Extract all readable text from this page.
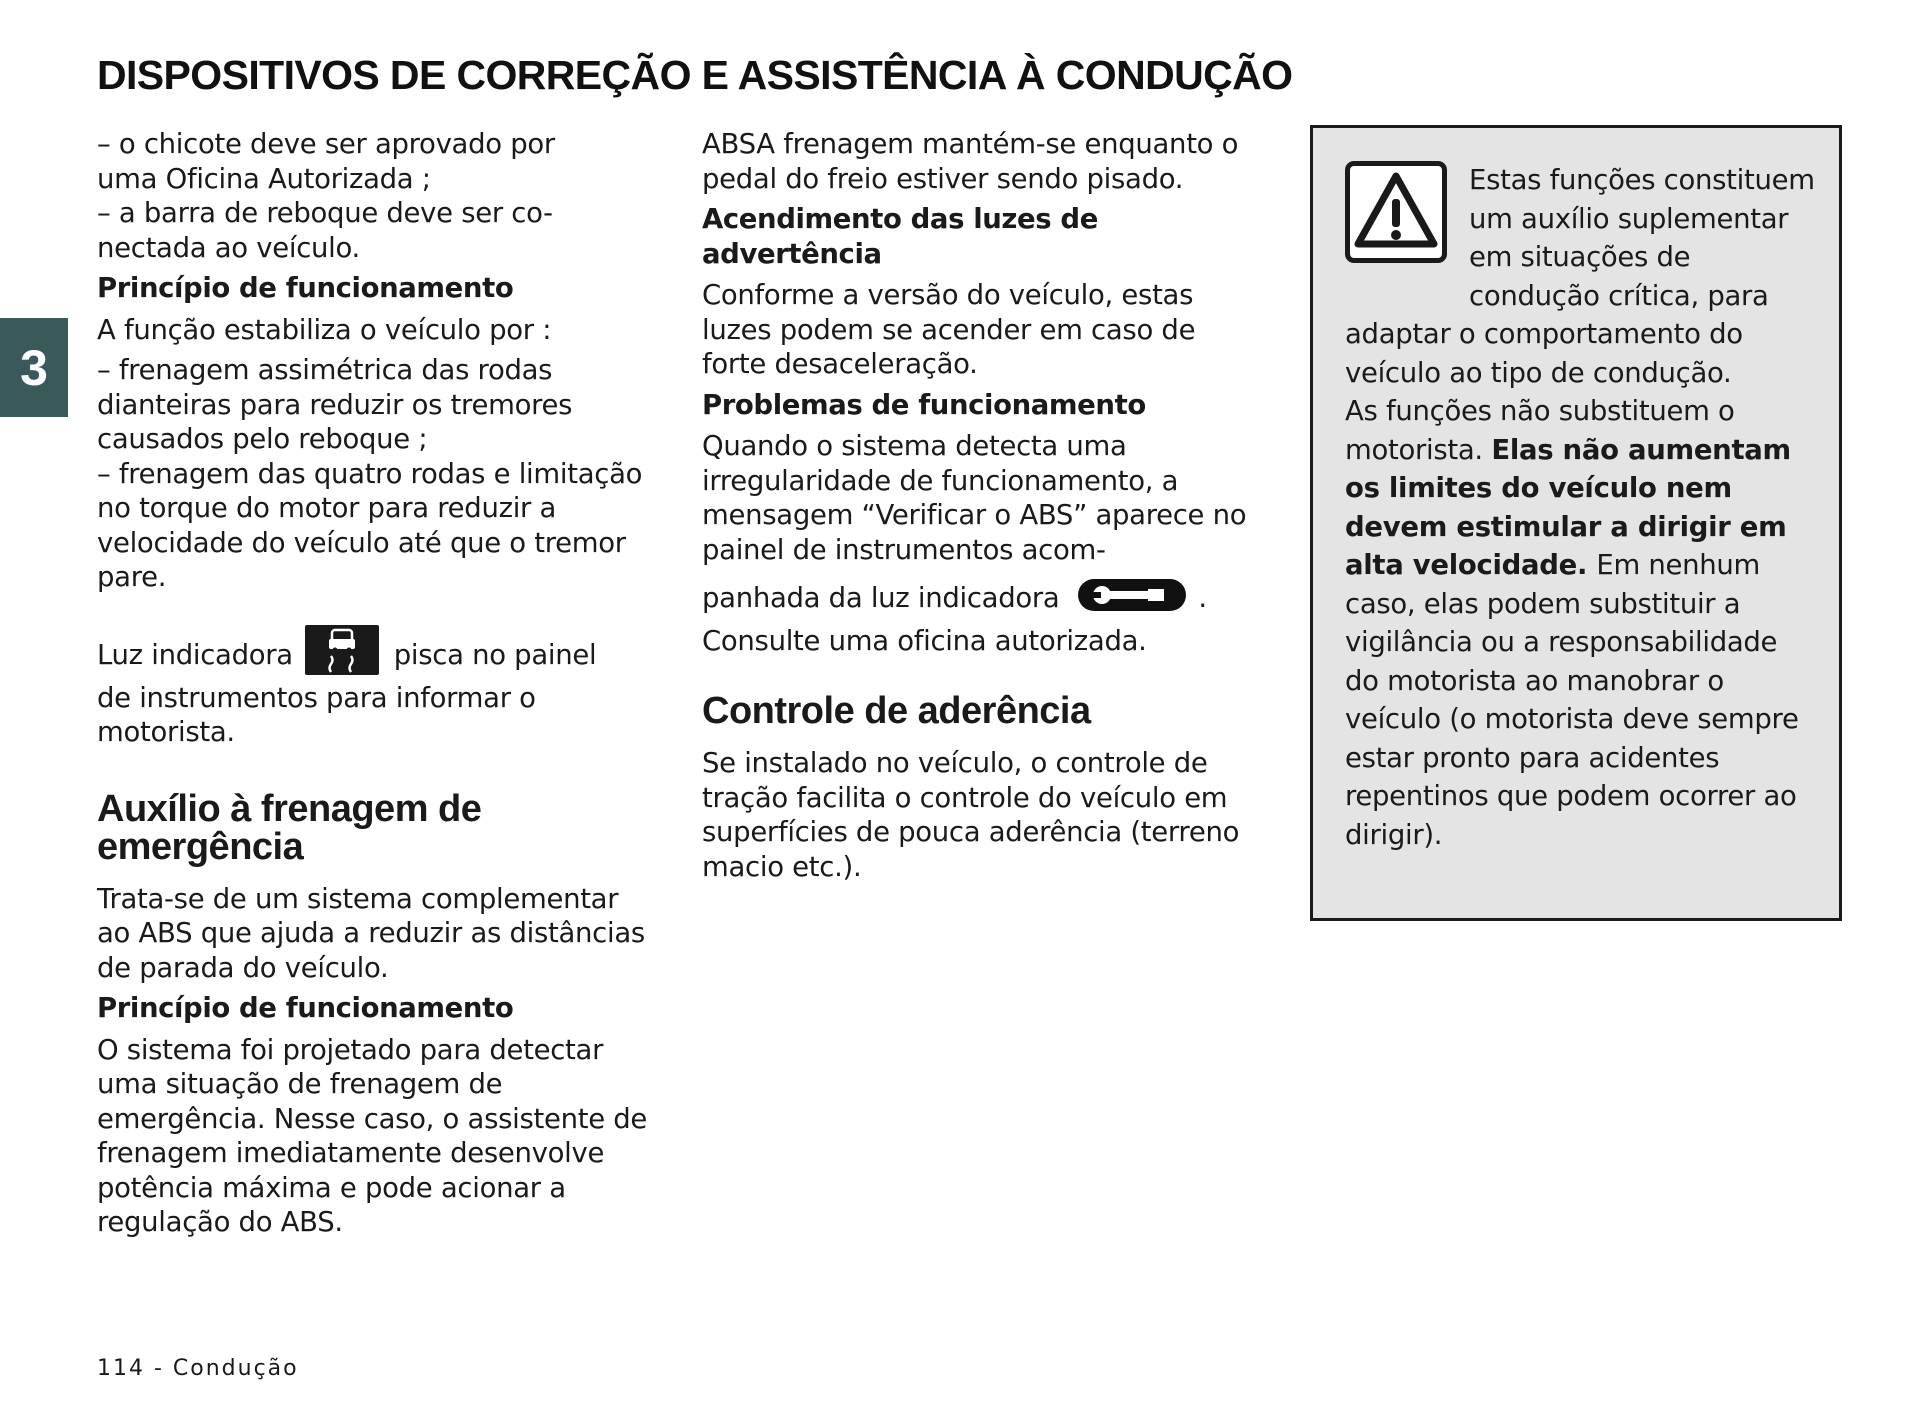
DISPOSITIVOS DE CORREÇÃO E ASSISTÊNCIA À CONDUÇÃO
3

– o chicote deve ser aprovado por

uma Oficina Autorizada ;

– a barra de reboque deve ser co-

nectada ao veículo.

Princípio de funcionamento

A função estabiliza o veículo por :

– frenagem assimétrica das rodas dianteiras para reduzir os tremores causados pelo reboque ;

– frenagem das quatro rodas e limitação no torque do motor para reduzir a velocidade do veículo até que o tremor pare.

Luz indicadora	pisca no painel

de instrumentos para informar o motorista.

Auxílio à frenagem de emergência

Trata-se de um sistema complementar ao ABS que ajuda a reduzir as distâncias de parada do veículo.

Princípio de funcionamento

O sistema foi projetado para detectar uma situação de frenagem de emergência. Nesse caso, o assistente de frenagem imediatamente desenvolve potência máxima e pode acionar a regulação do ABS.

ABSA frenagem mantém-se enquanto o pedal do freio estiver sendo pisado.

Acendimento das luzes de advertência

Conforme a versão do veículo, estas luzes podem se acender em caso de forte desaceleração.

Problemas de funcionamento

Quando o sistema detecta uma irregularidade de funcionamento, a mensagem “Verificar o ABS” aparece no painel de instrumentos acom-

panhada da luz indicadora	.

Consulte uma oficina autorizada.

Controle de aderência

Se instalado no veículo, o controle de tração facilita o controle do veículo em superfícies de pouca aderência (terreno macio etc.).

Estas funções constituem um auxílio suplementar em situações de condução crítica, para adaptar o comportamento do veículo ao tipo de condução.
As funções não substituem o motorista. Elas não aumentam os limites do veículo nem devem estimular a dirigir em alta velocidade. Em nenhum caso, elas podem substituir a vigilância ou a responsabilidade do motorista ao manobrar o veículo (o motorista deve sempre estar pronto para acidentes repentinos que podem ocorrer ao dirigir).
114 - Condução
